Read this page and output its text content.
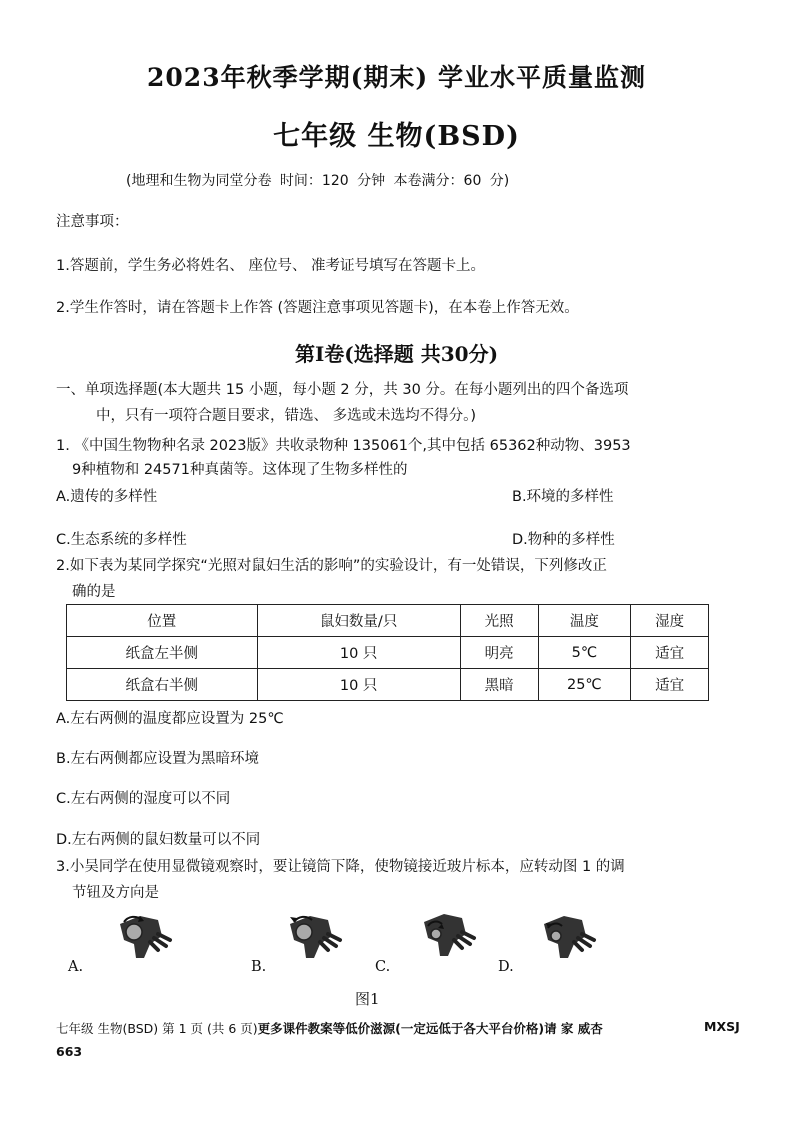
2023年秋季学期(期末) 学业水平质量监测
七年级 生物(BSD)
(地理和生物为同堂分卷 时间：120 分钟 本卷满分：60 分)
注意事项：
1.答题前，学生务必将姓名、 座位号、 准考证号填写在答题卡上。
2.学生作答时，请在答题卡上作答 (答题注意事项见答题卡)，在本卷上作答无效。
第Ⅰ卷(选择题 共30分)
一、单项选择题(本大题共 15 小题，每小题 2 分，共 30 分。在每小题列出的四个备选项
中，只有一项符合题目要求，错选、 多选或未选均不得分。)
1. 《中国生物物种名录 2023版》共收录物种 135061个,其中包括 65362种动物、3953
9种植物和 24571种真菌等。这体现了生物多样性的
A.遗传的多样性	B.环境的多样性
C.生态系统的多样性	D.物种的多样性
2.如下表为某同学探究“光照对鼠妇生活的影响”的实验设计，有一处错误，下列修改正
确的是
位置	鼠妇数量/只	光照	温度	湿度
纸盒左半侧	10 只	明亮	5℃	适宜
纸盒右半侧	10 只	黑暗	25℃	适宜
A.左右两侧的温度都应设置为 25℃
B.左右两侧都应设置为黑暗环境
C.左右两侧的湿度可以不同
D.左右两侧的鼠妇数量可以不同
3.小吴同学在使用显微镜观察时，要让镜筒下降，使物镜接近玻片标本，应转动图 1 的调
节钮及方向是
A.	B.	C.	D.
图1
七年级 生物(BSD) 第 1 页 (共 6 页)更多课件教案等低价滋源(一定远低于各大平台价格)请 家 威杏	MXSJ
663
